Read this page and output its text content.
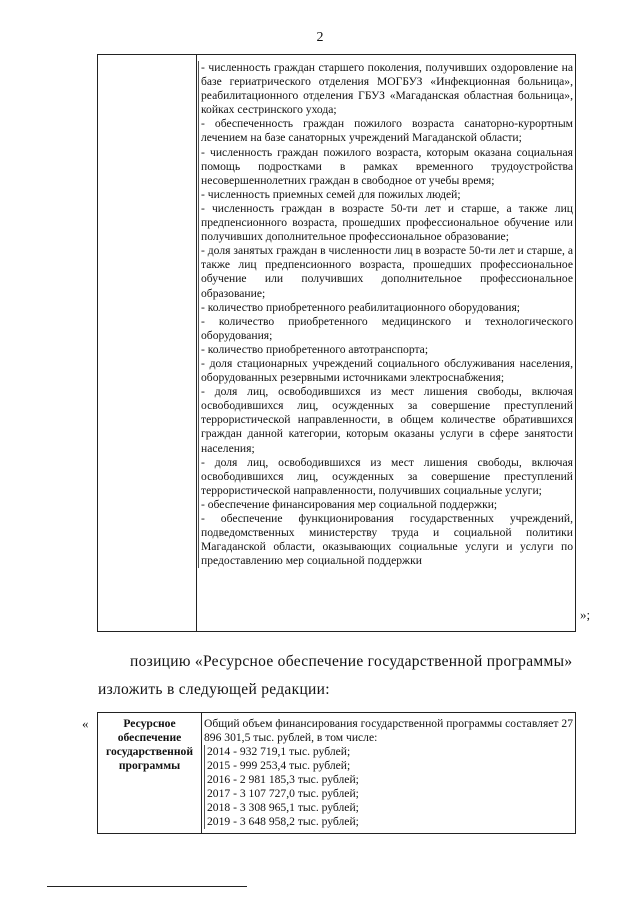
2

- численность граждан старшего поколения, получивших оздоровление на базе гериатрического отделения МОГБУЗ «Инфекционная больница», реабилитационного отделения ГБУЗ «Магаданская областная больница», койках сестринского ухода;

- обеспеченность граждан пожилого возраста санаторно-курортным лечением на базе санаторных учреждений Магаданской области;

- численность граждан пожилого возраста, которым оказана социальная помощь подростками в рамках временного трудоустройства несовершеннолетних граждан в свободное от учебы время;

- численность приемных семей для пожилых людей;

- численность граждан в возрасте 50-ти лет и старше, а также лиц предпенсионного возраста, прошедших профессиональное обучение или получивших дополнительное профессиональное образование;

- доля занятых граждан в численности лиц в возрасте 50-ти лет и старше, а также лиц предпенсионного возраста, прошедших профессиональное обучение или получивших дополнительное профессиональное образование;

- количество приобретенного реабилитационного оборудования;

- количество приобретенного медицинского и технологического оборудования;

- количество приобретенного автотранспорта;

- доля стационарных учреждений социального обслуживания населения, оборудованных резервными источниками электроснабжения;

- доля лиц, освободившихся из мест лишения свободы, включая освободившихся лиц, осужденных за совершение преступлений террористической направленности, в общем количестве обратившихся граждан данной категории, которым оказаны услуги в сфере занятости населения;

- доля лиц, освободившихся из мест лишения свободы, включая освободившихся лиц, осужденных за совершение преступлений террористической направленности, получивших социальные услуги;

- обеспечение финансирования мер социальной поддержки;

- обеспечение функционирования государственных учреждений, подведомственных министерству труда и социальной политики Магаданской области, оказывающих социальные услуги и услуги по предоставлению мер социальной поддержки

»;
позицию «Ресурсное обеспечение государственной программы»
изложить в следующей редакции:
«	Ресурсное обеспечение государственной программы

Общий объем финансирования государственной программы составляет 27 896 301,5 тыс. рублей, в том числе:

2014 - 932 719,1 тыс. рублей;

2015 - 999 253,4 тыс. рублей;

2016 - 2 981 185,3 тыс. рублей;

2017 - 3 107 727,0 тыс. рублей;

2018 - 3 308 965,1 тыс. рублей;

2019 - 3 648 958,2 тыс. рублей;
